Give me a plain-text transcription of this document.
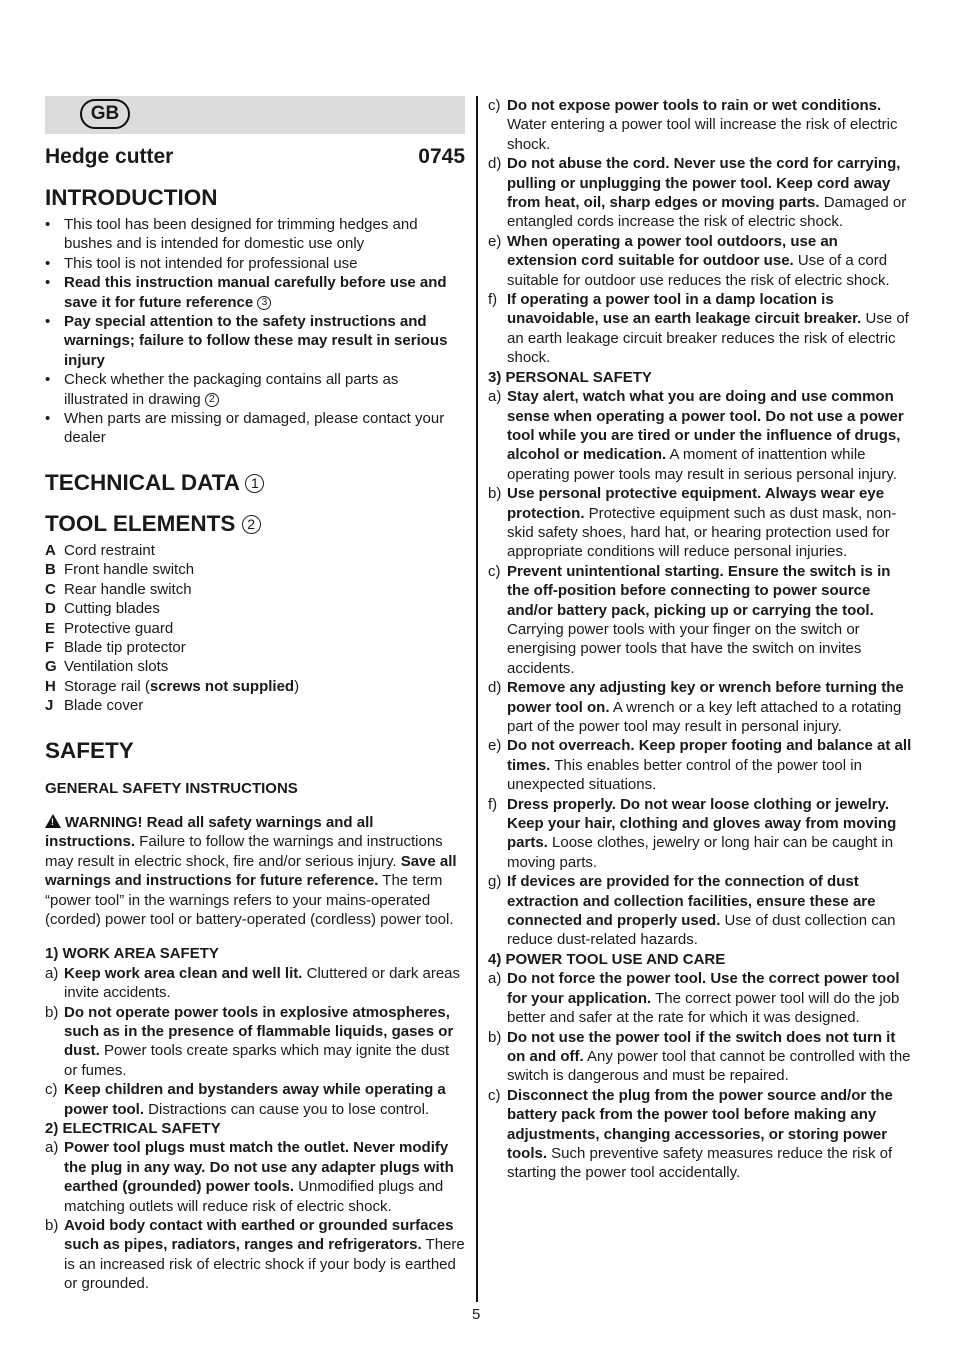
GB
Hedge cutter	0745
INTRODUCTION
• This tool has been designed for trimming hedges and bushes and is intended for domestic use only
• This tool is not intended for professional use
• Read this instruction manual carefully before use and save it for future reference 3
• Pay special attention to the safety instructions and warnings; failure to follow these may result in serious injury
• Check whether the packaging contains all parts as illustrated in drawing 2
• When parts are missing or damaged, please contact your dealer
TECHNICAL DATA 1
TOOL ELEMENTS 2
A Cord restraint
B Front handle switch
C Rear handle switch
D Cutting blades
E Protective guard
F Blade tip protector
G Ventilation slots
H Storage rail (screws not supplied)
J Blade cover
SAFETY

GENERAL SAFETY INSTRUCTIONS

! WARNING! Read all safety warnings and all instructions. Failure to follow the warnings and instructions may result in electric shock, fire and/or serious injury. Save all warnings and instructions for future reference. The term “power tool” in the warnings refers to your mains-operated (corded) power tool or battery-operated (cordless) power tool.

1) WORK AREA SAFETY

a) Keep work area clean and well lit. Cluttered or dark areas invite accidents.
b) Do not operate power tools in explosive atmospheres, such as in the presence of flammable liquids, gases or dust. Power tools create sparks which may ignite the dust or fumes.
c) Keep children and bystanders away while operating a power tool. Distractions can cause you to lose control.

2) ELECTRICAL SAFETY

a) Power tool plugs must match the outlet. Never modify the plug in any way. Do not use any adapter plugs with earthed (grounded) power tools. Unmodified plugs and matching outlets will reduce risk of electric shock.
b) Avoid body contact with earthed or grounded surfaces such as pipes, radiators, ranges and refrigerators. There is an increased risk of electric shock if your body is earthed or grounded.
c) Do not expose power tools to rain or wet conditions. Water entering a power tool will increase the risk of electric shock.
d) Do not abuse the cord. Never use the cord for carrying, pulling or unplugging the power tool. Keep cord away from heat, oil, sharp edges or moving parts. Damaged or entangled cords increase the risk of electric shock.
e) When operating a power tool outdoors, use an extension cord suitable for outdoor use. Use of a cord suitable for outdoor use reduces the risk of electric shock.
f) If operating a power tool in a damp location is unavoidable, use an earth leakage circuit breaker. Use of an earth leakage circuit breaker reduces the risk of electric shock.

3) PERSONAL SAFETY

a) Stay alert, watch what you are doing and use common sense when operating a power tool. Do not use a power tool while you are tired or under the influence of drugs, alcohol or medication. A moment of inattention while operating power tools may result in serious personal injury.
b) Use personal protective equipment. Always wear eye protection. Protective equipment such as dust mask, non-skid safety shoes, hard hat, or hearing protection used for appropriate conditions will reduce personal injuries.
c) Prevent unintentional starting. Ensure the switch is in the off-position before connecting to power source and/or battery pack, picking up or carrying the tool. Carrying power tools with your finger on the switch or energising power tools that have the switch on invites accidents.
d) Remove any adjusting key or wrench before turning the power tool on. A wrench or a key left attached to a rotating part of the power tool may result in personal injury.
e) Do not overreach. Keep proper footing and balance at all times. This enables better control of the power tool in unexpected situations.
f) Dress properly. Do not wear loose clothing or jewelry. Keep your hair, clothing and gloves away from moving parts. Loose clothes, jewelry or long hair can be caught in moving parts.
g) If devices are provided for the connection of dust extraction and collection facilities, ensure these are connected and properly used. Use of dust collection can reduce dust-related hazards.

4) POWER TOOL USE AND CARE

a) Do not force the power tool. Use the correct power tool for your application. The correct power tool will do the job better and safer at the rate for which it was designed.
b) Do not use the power tool if the switch does not turn it on and off. Any power tool that cannot be controlled with the switch is dangerous and must be repaired.
c) Disconnect the plug from the power source and/or the battery pack from the power tool before making any adjustments, changing accessories, or storing power tools. Such preventive safety measures reduce the risk of starting the power tool accidentally.
5
